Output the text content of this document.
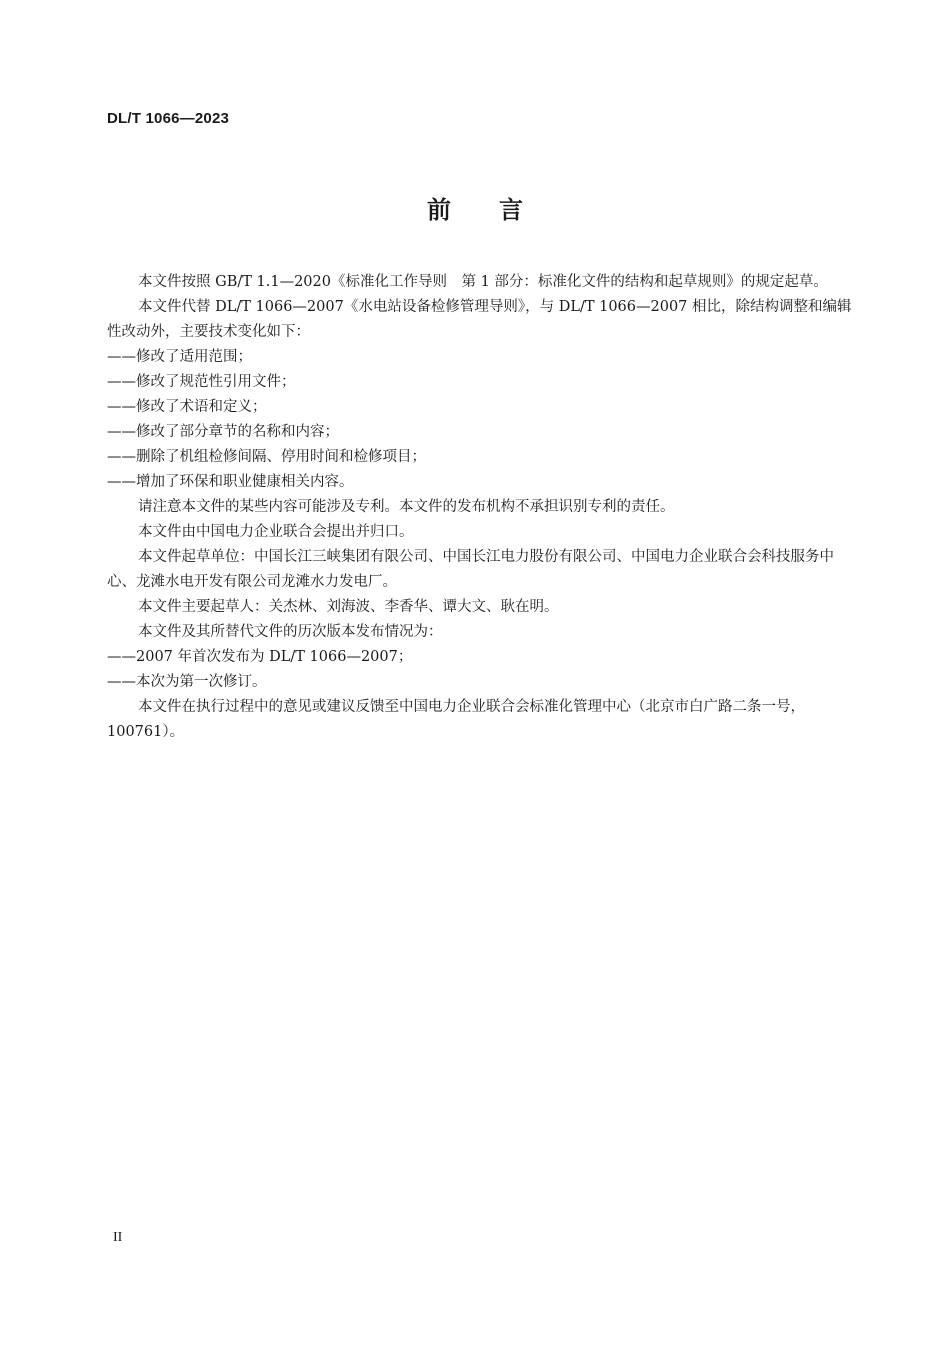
DL/T 1066—2023
前言

本文件按照 GB/T 1.1—2020《标准化工作导则　第 1 部分：标准化文件的结构和起草规则》的规定起草。

本文件代替 DL/T 1066—2007《水电站设备检修管理导则》，与 DL/T 1066—2007 相比，除结构调整和编辑性改动外，主要技术变化如下：

——修改了适用范围；

——修改了规范性引用文件；

——修改了术语和定义；

——修改了部分章节的名称和内容；

——删除了机组检修间隔、停用时间和检修项目；

——增加了环保和职业健康相关内容。

请注意本文件的某些内容可能涉及专利。本文件的发布机构不承担识别专利的责任。

本文件由中国电力企业联合会提出并归口。

本文件起草单位：中国长江三峡集团有限公司、中国长江电力股份有限公司、中国电力企业联合会科技服务中心、龙滩水电开发有限公司龙滩水力发电厂。

本文件主要起草人：关杰林、刘海波、李香华、谭大文、耿在明。

本文件及其所替代文件的历次版本发布情况为：

——2007 年首次发布为 DL/T 1066—2007；

——本次为第一次修订。

本文件在执行过程中的意见或建议反馈至中国电力企业联合会标准化管理中心（北京市白广路二条一号，100761）。

II
